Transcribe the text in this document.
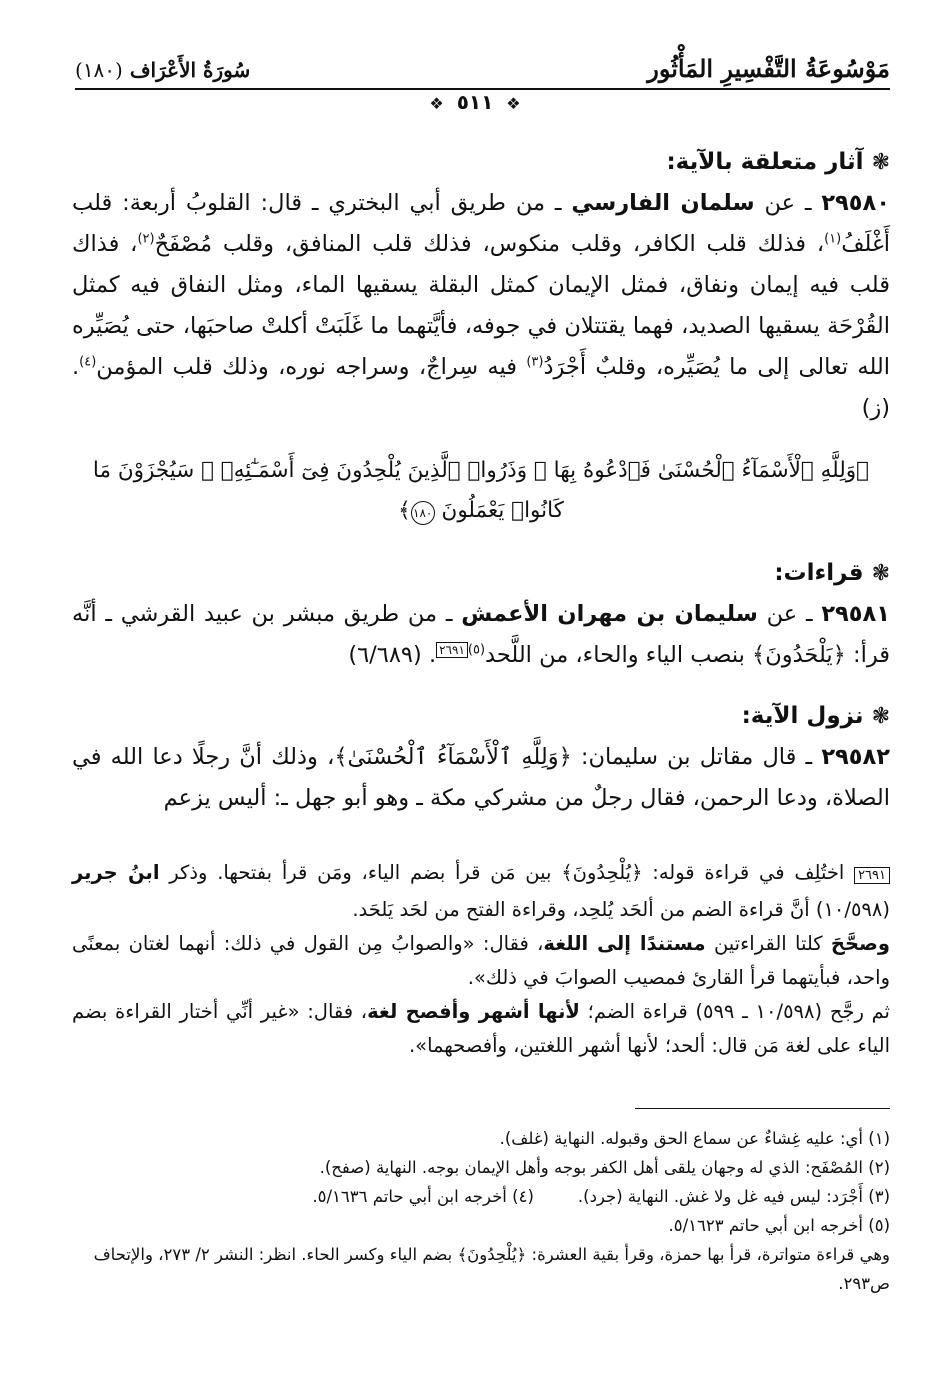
مَوْسُوعَةُ التَّفْسِيرِ المَأْثُور
سُورَةُ الأَعْرَاف (١٨٠)
❖ ٥١١ ❖
❃آثار متعلقة بالآية:
٢٩٥٨٠ ـ عن سلمان الفارسي ـ من طريق أبي البختري ـ قال: القلوبُ أربعة: قلب أَغْلَفُ$^{(١)}$، فذلك قلب الكافر، وقلب منكوس، فذلك قلب المنافق، وقلب مُصْفَحٌ$^{(٢)}$، فذاك قلب فيه إيمان ونفاق، فمثل الإيمان كمثل البقلة يسقيها الماء، ومثل النفاق فيه كمثل القُرْحَة يسقيها الصديد، فهما يقتتلان في جوفه، فأيَّتهما ما غَلَبَتْ أكلتْ صاحبَها، حتى يُصَيِّره الله تعالى إلى ما يُصَيِّره، وقلبٌ أَجْرَدُ$^{(٣)}$ فيه سِراجٌ، وسراجه نوره، وذلك قلب المؤمن$^{(٤)}$. (ز)
﴿وَلِلَّهِ ٱلْأَسْمَآءُ ٱلْحُسْنَىٰ فَٱدْعُوهُ بِهَا ۖ وَذَرُوا۟ ٱلَّذِينَ يُلْحِدُونَ فِىٓ أَسْمَـٰٓئِهِۦ ۚ سَيُجْزَوْنَ مَا كَانُوا۟ يَعْمَلُونَ ١٨٠﴾
❃قراءات:
٢٩٥٨١ ـ عن سليمان بن مهران الأعمش ـ من طريق مبشر بن عبيد القرشي ـ أنَّه قرأ: ﴿يَلْحَدُونَ﴾ بنصب الياء والحاء، من اللَّحد$^{(٥)٢٦٩١}$. (٦/٦٨٩)
❃نزول الآية:
٢٩٥٨٢ ـ قال مقاتل بن سليمان: ﴿وَلِلَّهِ ٱلْأَسْمَآءُ ٱلْحُسْنَىٰ﴾، وذلك أنَّ رجلًا دعا الله في الصلاة، ودعا الرحمن، فقال رجلٌ من مشركي مكة ـ وهو أبو جهل ـ: أليس يزعم
٢٦٩١ اختُلِف في قراءة قوله: ﴿يُلْحِدُونَ﴾ بين مَن قرأ بضم الياء، ومَن قرأ بفتحها. وذكر ابنُ جرير (١٠/٥٩٨) أنَّ قراءة الضم من ألحَد يُلحِد، وقراءة الفتح من لحَد يَلحَد.
وصحَّحَ كلتا القراءتين مستندًا إلى اللغة، فقال: «والصوابُ مِن القول في ذلك: أنهما لغتان بمعنًى واحد، فبأيتهما قرأ القارئ فمصيب الصوابَ في ذلك».
ثم رجَّح (١٠/٥٩٨ ـ ٥٩٩) قراءة الضم؛ لأنها أشهر وأفصح لغة، فقال: «غير أنِّي أختار القراءة بضم الياء على لغة مَن قال: ألحد؛ لأنها أشهر اللغتين، وأفصحهما».
(١) أي: عليه غِشاءٌ عن سماع الحق وقبوله. النهاية (غلف).
(٢) المُصْفَح: الذي له وجهان يلقى أهل الكفر بوجه وأهل الإيمان بوجه. النهاية (صفح).
(٣) أَجْرَد: ليس فيه غل ولا غش. النهاية (جرد).
(٤) أخرجه ابن أبي حاتم ٥/١٦٣٦.
(٥) أخرجه ابن أبي حاتم ٥/١٦٢٣.
وهي قراءة متواترة، قرأ بها حمزة، وقرأ بقية العشرة: ﴿يُلْحِدُونَ﴾ بضم الياء وكسر الحاء. انظر: النشر ٢/ ٢٧٣، والإتحاف ص٢٩٣.
